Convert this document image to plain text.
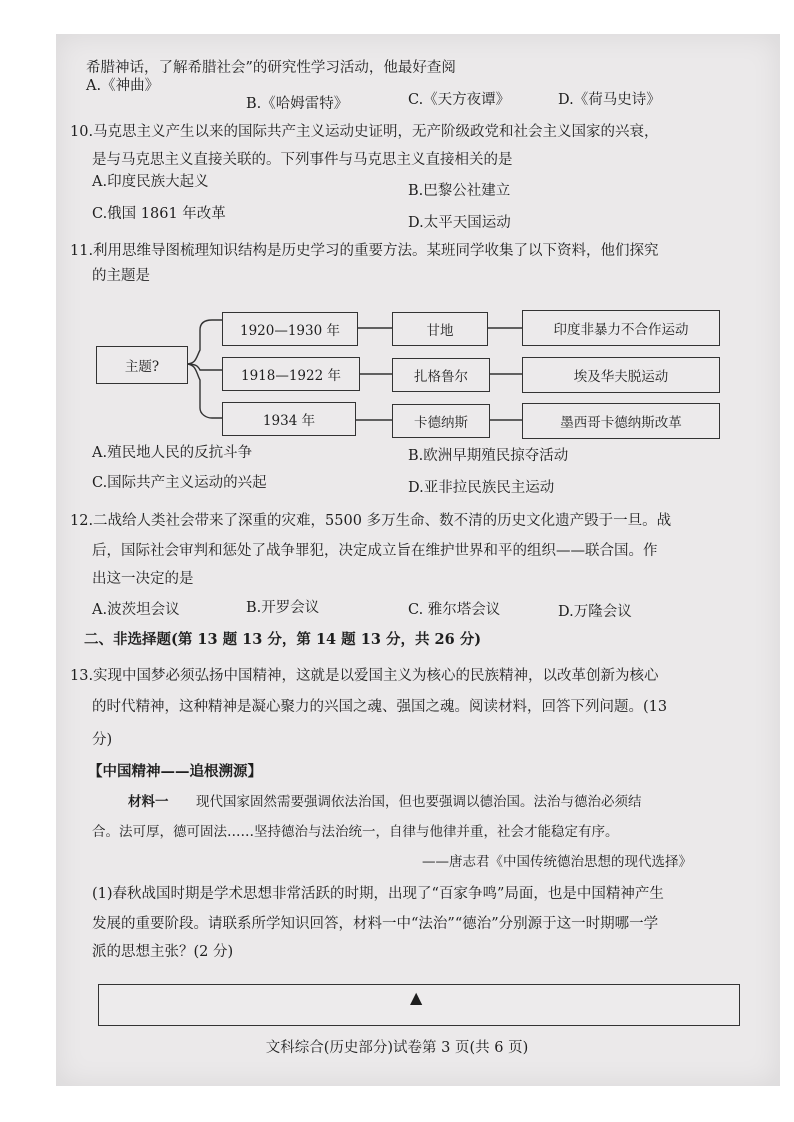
希腊神话，了解希腊社会”的研究性学习活动，他最好查阅
A.《神曲》
B.《哈姆雷特》	C.《天方夜谭》	D.《荷马史诗》
10.马克思主义产生以来的国际共产主义运动史证明，无产阶级政党和社会主义国家的兴衰，
是与马克思主义直接关联的。下列事件与马克思主义直接相关的是
A.印度民族大起义
B.巴黎公社建立
C.俄国 1861 年改革
D.太平天国运动
11.利用思维导图梳理知识结构是历史学习的重要方法。某班同学收集了以下资料，他们探究
的主题是
主题?
1920—1930 年	甘地	印度非暴力不合作运动
1918—1922 年	扎格鲁尔	埃及华夫脱运动
1934 年	卡德纳斯	墨西哥卡德纳斯改革
A.殖民地人民的反抗斗争	B.欧洲早期殖民掠夺活动
C.国际共产主义运动的兴起	D.亚非拉民族民主运动
12.二战给人类社会带来了深重的灾难，5500 多万生命、数不清的历史文化遗产毁于一旦。战
后，国际社会审判和惩处了战争罪犯，决定成立旨在维护世界和平的组织——联合国。作
出这一决定的是
A.波茨坦会议	B.开罗会议	C. 雅尔塔会议	D.万隆会议
二、非选择题(第 13 题 13 分，第 14 题 13 分，共 26 分)
13.实现中国梦必须弘扬中国精神，这就是以爱国主义为核心的民族精神，以改革创新为核心
的时代精神，这种精神是凝心聚力的兴国之魂、强国之魂。阅读材料，回答下列问题。(13
分)
【中国精神——追根溯源】
材料一 现代国家固然需要强调依法治国，但也要强调以德治国。法治与德治必须结
合。法可厚，德可固法……坚持德治与法治统一，自律与他律并重，社会才能稳定有序。
——唐志君《中国传统德治思想的现代选择》
(1)春秋战国时期是学术思想非常活跃的时期，出现了“百家争鸣”局面，也是中国精神产生
发展的重要阶段。请联系所学知识回答，材料一中“法治”“德治”分别源于这一时期哪一学
派的思想主张？(2 分)
▲
文科综合(历史部分)试卷第 3 页(共 6 页)
